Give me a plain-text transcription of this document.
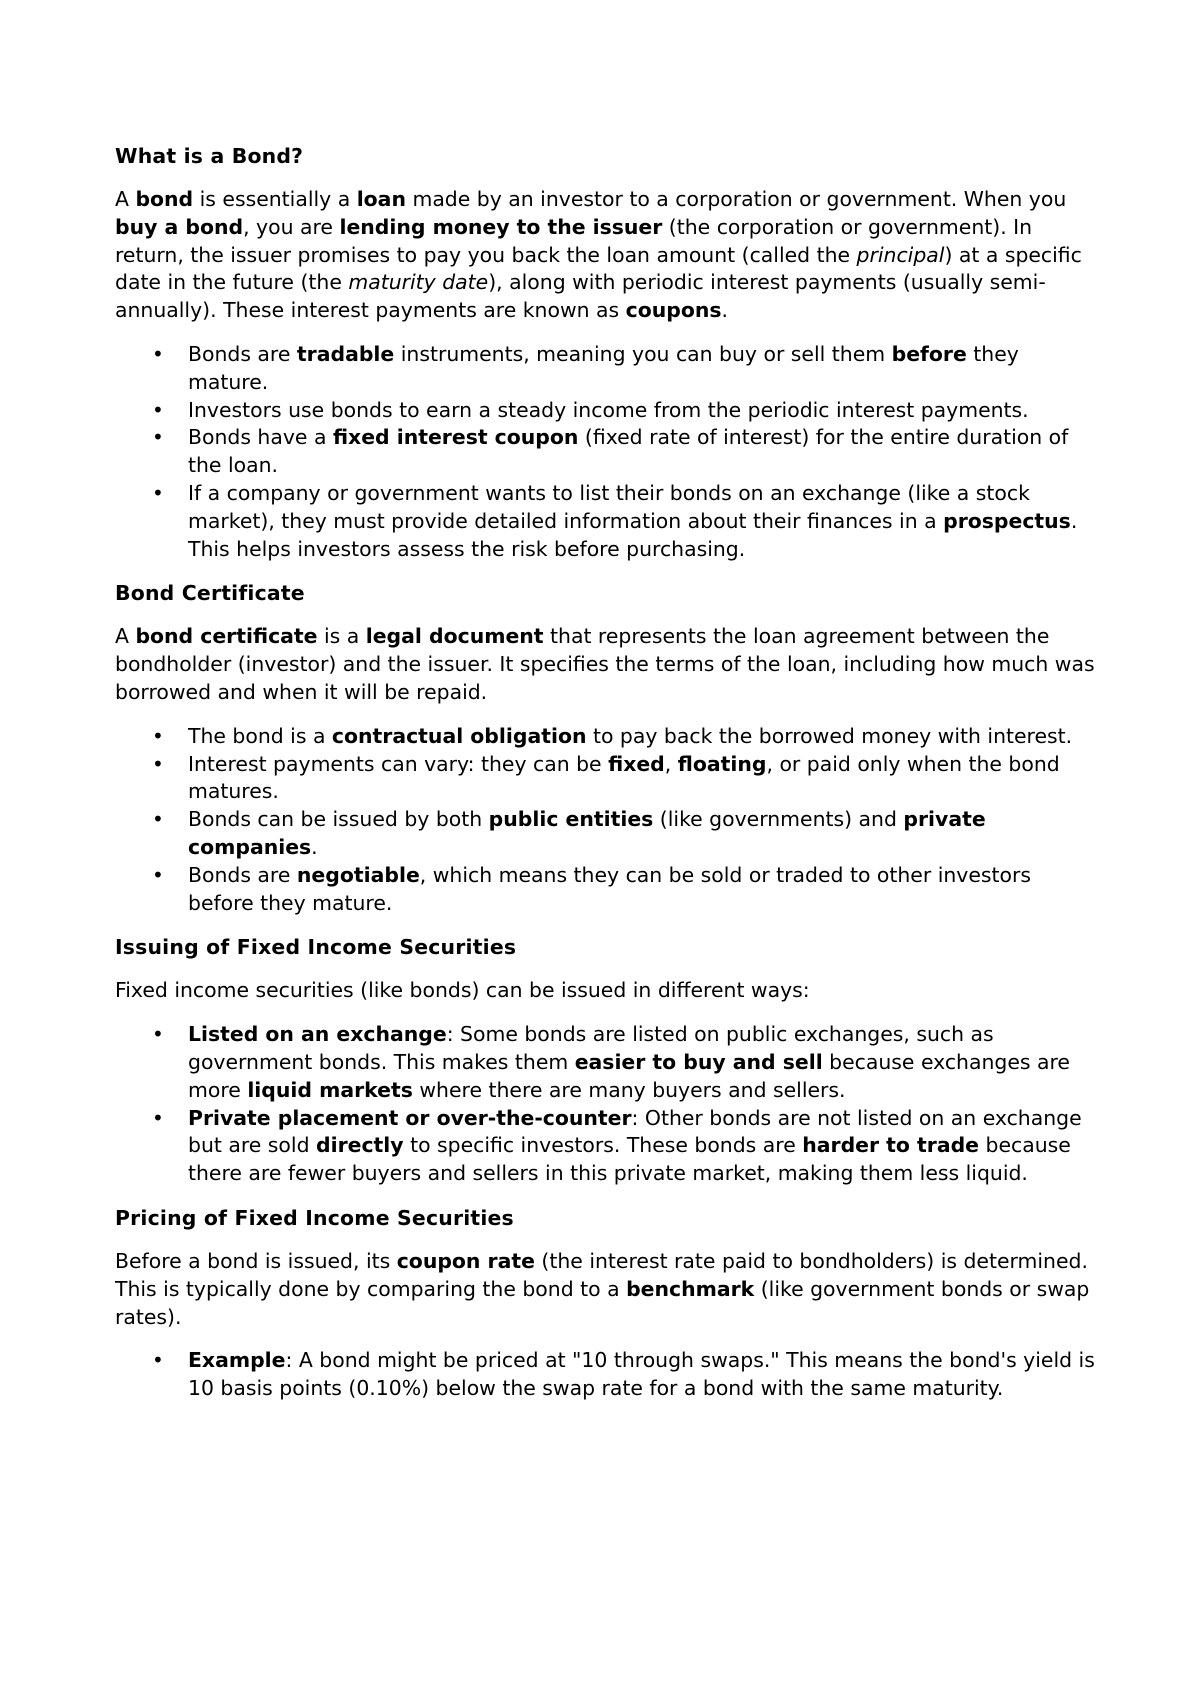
What is a Bond?

A bond is essentially a loan made by an investor to a corporation or government. When you buy a bond, you are lending money to the issuer (the corporation or government). In return, the issuer promises to pay you back the loan amount (called the principal) at a specific date in the future (the maturity date), along with periodic interest payments (usually semi-annually). These interest payments are known as coupons.

• Bonds are tradable instruments, meaning you can buy or sell them before they mature.
• Investors use bonds to earn a steady income from the periodic interest payments.
• Bonds have a fixed interest coupon (fixed rate of interest) for the entire duration of the loan.
• If a company or government wants to list their bonds on an exchange (like a stock market), they must provide detailed information about their finances in a prospectus. This helps investors assess the risk before purchasing.
Bond Certificate

A bond certificate is a legal document that represents the loan agreement between the bondholder (investor) and the issuer. It specifies the terms of the loan, including how much was borrowed and when it will be repaid.

• The bond is a contractual obligation to pay back the borrowed money with interest.
• Interest payments can vary: they can be fixed, floating, or paid only when the bond matures.
• Bonds can be issued by both public entities (like governments) and private companies.
• Bonds are negotiable, which means they can be sold or traded to other investors before they mature.
Issuing of Fixed Income Securities

Fixed income securities (like bonds) can be issued in different ways:

• Listed on an exchange: Some bonds are listed on public exchanges, such as government bonds. This makes them easier to buy and sell because exchanges are more liquid markets where there are many buyers and sellers.
• Private placement or over-the-counter: Other bonds are not listed on an exchange but are sold directly to specific investors. These bonds are harder to trade because there are fewer buyers and sellers in this private market, making them less liquid.
Pricing of Fixed Income Securities

Before a bond is issued, its coupon rate (the interest rate paid to bondholders) is determined. This is typically done by comparing the bond to a benchmark (like government bonds or swap rates).

• Example: A bond might be priced at "10 through swaps." This means the bond's yield is 10 basis points (0.10%) below the swap rate for a bond with the same maturity.
